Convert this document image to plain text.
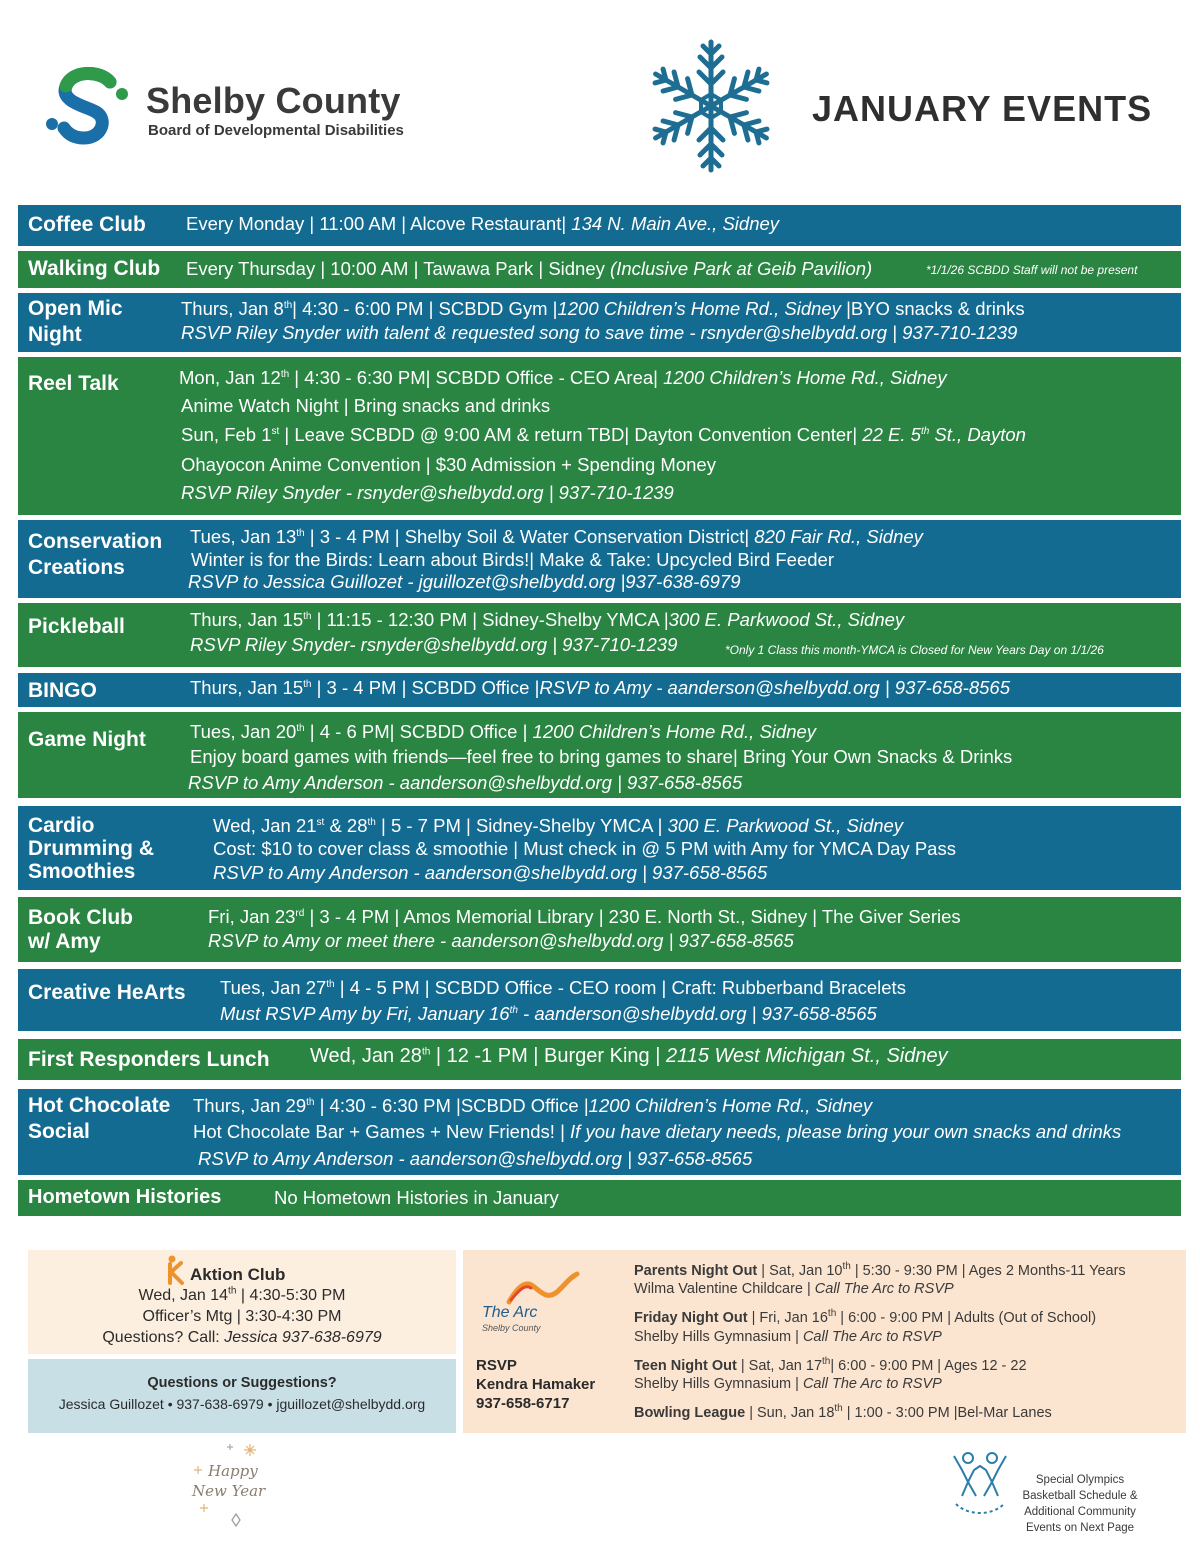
Shelby County
Board of Developmental Disabilities
JANUARY EVENTS
Coffee Club Every Monday | 11:00 AM | Alcove Restaurant| 134 N. Main Ave., Sidney
Walking Club Every Thursday | 10:00 AM | Tawawa Park | Sidney (Inclusive Park at Geib Pavilion)	*1/1/26 SCBDD Staff will not be present
Open Mic
Night
Thurs, Jan 8th| 4:30 - 6:00 PM | SCBDD Gym |1200 Children’s Home Rd., Sidney |BYO snacks & drinks
RSVP Riley Snyder with talent & requested song to save time - rsnyder@shelbydd.org | 937-710-1239
Reel Talk	Mon, Jan 12th | 4:30 - 6:30 PM| SCBDD Office - CEO Area| 1200 Children’s Home Rd., Sidney
Anime Watch Night | Bring snacks and drinks
Sun, Feb 1st | Leave SCBDD @ 9:00 AM & return TBD| Dayton Convention Center| 22 E. 5th St., Dayton
Ohayocon Anime Convention | $30 Admission + Spending Money
RSVP Riley Snyder - rsnyder@shelbydd.org | 937-710-1239
Conservation
Creations
Tues, Jan 13th | 3 - 4 PM | Shelby Soil & Water Conservation District| 820 Fair Rd., Sidney
Winter is for the Birds: Learn about Birds!| Make & Take: Upcycled Bird Feeder
RSVP to Jessica Guillozet - jguillozet@shelbydd.org |937-638-6979
Pickleball	Thurs, Jan 15th | 11:15 - 12:30 PM | Sidney-Shelby YMCA |300 E. Parkwood St., Sidney
RSVP Riley Snyder- rsnyder@shelbydd.org | 937-710-1239	*Only 1 Class this month-YMCA is Closed for New Years Day on 1/1/26
BINGO	Thurs, Jan 15th | 3 - 4 PM | SCBDD Office |RSVP to Amy - aanderson@shelbydd.org | 937-658-8565
Game Night Tues, Jan 20th | 4 - 6 PM| SCBDD Office | 1200 Children’s Home Rd., Sidney
Enjoy board games with friends—feel free to bring games to share| Bring Your Own Snacks & Drinks
RSVP to Amy Anderson - aanderson@shelbydd.org | 937-658-8565
Cardio
Drumming &
Smoothies
Wed, Jan 21st & 28th | 5 - 7 PM | Sidney-Shelby YMCA | 300 E. Parkwood St., Sidney
Cost: $10 to cover class & smoothie | Must check in @ 5 PM with Amy for YMCA Day Pass
RSVP to Amy Anderson - aanderson@shelbydd.org | 937-658-8565
Book Club
w/ Amy
Fri, Jan 23rd | 3 - 4 PM | Amos Memorial Library | 230 E. North St., Sidney | The Giver Series
RSVP to Amy or meet there - aanderson@shelbydd.org | 937-658-8565
Creative HeArts Tues, Jan 27th | 4 - 5 PM | SCBDD Office - CEO room | Craft: Rubberband Bracelets
Must RSVP Amy by Fri, January 16th - aanderson@shelbydd.org | 937-658-8565
First Responders Lunch Wed, Jan 28th | 12 -1 PM | Burger King | 2115 West Michigan St., Sidney
Hot Chocolate
Social
Thurs, Jan 29th | 4:30 - 6:30 PM |SCBDD Office |1200 Children’s Home Rd., Sidney
Hot Chocolate Bar + Games + New Friends! | If you have dietary needs, please bring your own snacks and drinks
RSVP to Amy Anderson - aanderson@shelbydd.org | 937-658-8565
Hometown Histories	No Hometown Histories in January
Aktion Club
Wed, Jan 14th | 4:30-5:30 PM
Officer’s Mtg | 3:30-4:30 PM
Questions? Call: Jessica 937-638-6979
Questions or Suggestions?
Jessica Guillozet • 937-638-6979 • jguillozet@shelbydd.org
The Arc
Shelby County
RSVP
Kendra Hamaker
937-658-6717
Parents Night Out | Sat, Jan 10th | 5:30 - 9:30 PM | Ages 2 Months-11 Years
Wilma Valentine Childcare | Call The Arc to RSVP
Friday Night Out | Fri, Jan 16th | 6:00 - 9:00 PM | Adults (Out of School)
Shelby Hills Gymnasium | Call The Arc to RSVP
Teen Night Out | Sat, Jan 17th| 6:00 - 9:00 PM | Ages 12 - 22
Shelby Hills Gymnasium | Call The Arc to RSVP
Bowling League | Sun, Jan 18th | 1:00 - 3:00 PM |Bel-Mar Lanes
Happy
New Year
Special Olympics
Basketball Schedule &
Additional Community
Events on Next Page
